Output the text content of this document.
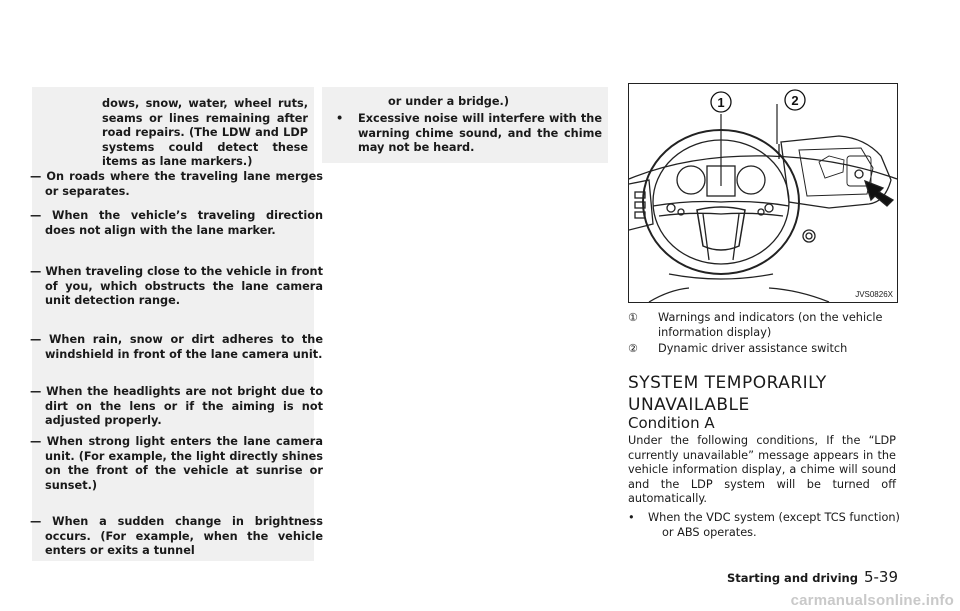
dows, snow, water, wheel ruts, seams or lines remaining after road repairs. (The LDW and LDP systems could detect these items as lane markers.)
— On roads where the traveling lane merges or separates.
— When the vehicle’s traveling direction does not align with the lane marker.
— When traveling close to the vehicle in front of you, which obstructs the lane camera unit detection range.
— When rain, snow or dirt adheres to the windshield in front of the lane camera unit.
— When the headlights are not bright due to dirt on the lens or if the aiming is not adjusted properly.
— When strong light enters the lane camera unit. (For example, the light directly shines on the front of the vehicle at sunrise or sunset.)
— When a sudden change in brightness occurs. (For example, when the vehicle enters or exits a tunnel
or under a bridge.)
• Excessive noise will interfere with the warning chime sound, and the chime may not be heard.
1	2
JVS0826X
① Warnings and indicators (on the vehicle information display)
② Dynamic driver assistance switch
SYSTEM TEMPORARILY UNAVAILABLE
Condition A
Under the following conditions, If the “LDP currently unavailable” message appears in the vehicle information display, a chime will sound and the LDP system will be turned off automatically.
• When the VDC system (except TCS function) or ABS operates.
Starting and driving 5-39
carmanualsonline.info
